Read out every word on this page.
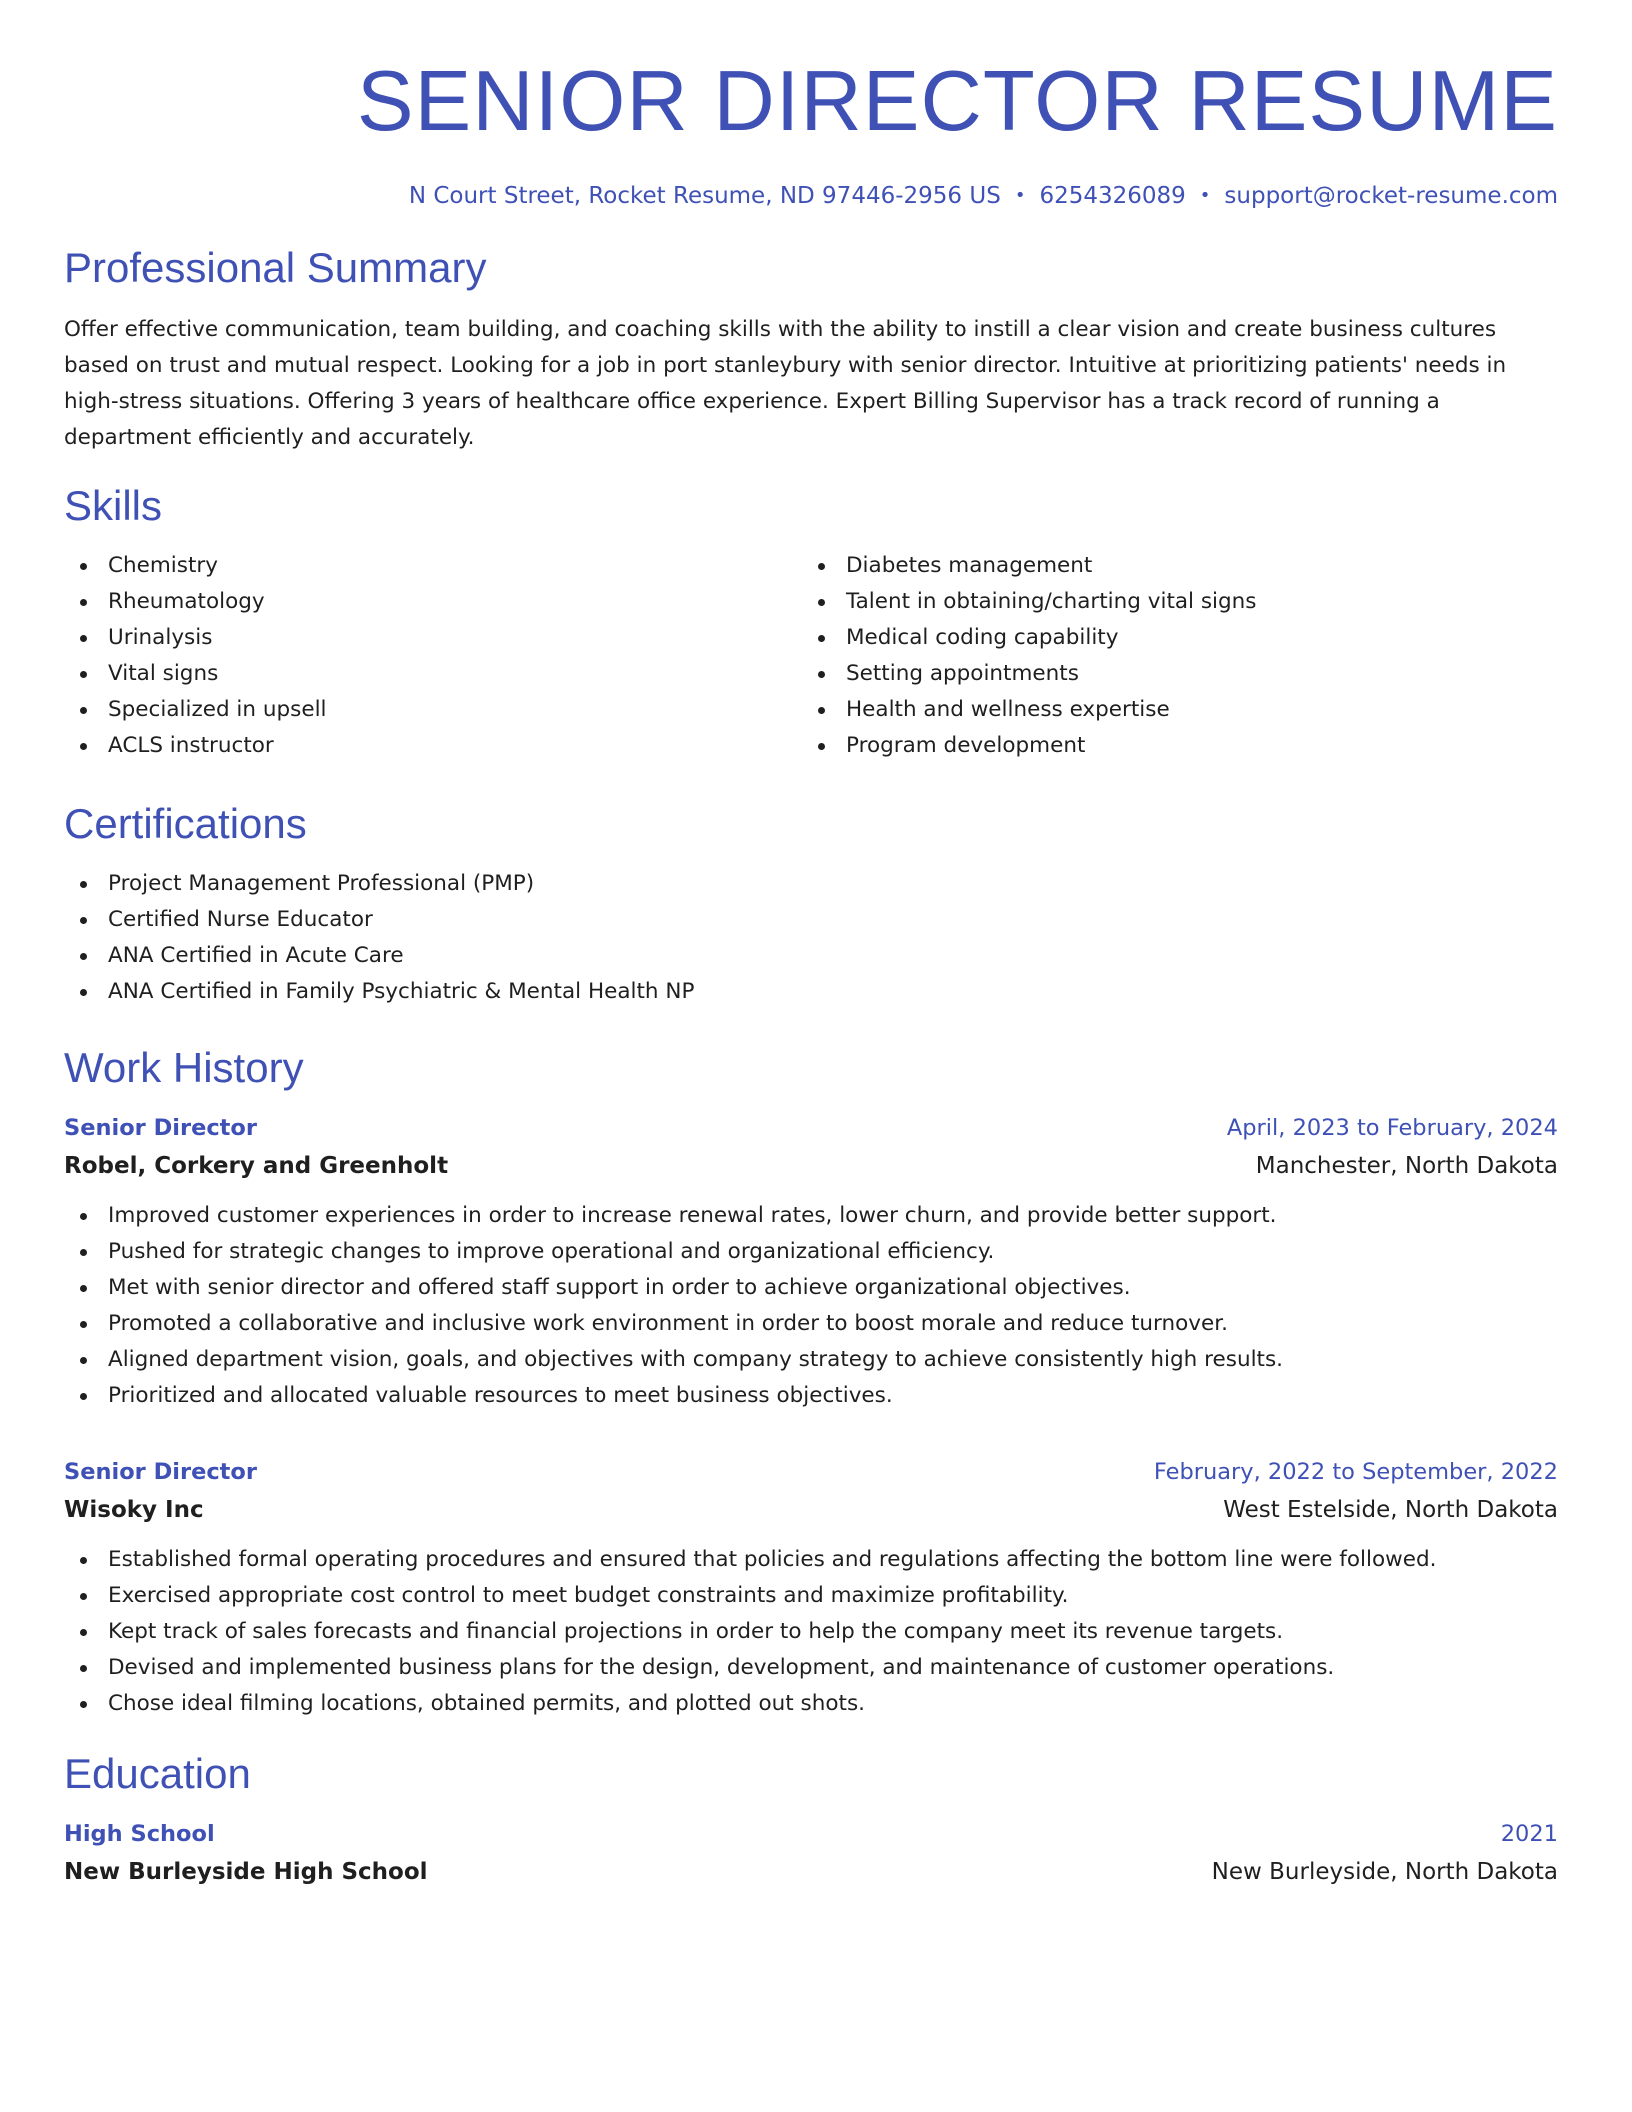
SENIOR DIRECTOR RESUME
N Court Street, Rocket Resume, ND 97446-2956 US • 6254326089 • support@rocket-resume.com
Professional Summary

Offer effective communication, team building, and coaching skills with the ability to instill a clear vision and create business cultures based on trust and mutual respect. Looking for a job in port stanleybury with senior director. Intuitive at prioritizing patients' needs in high-stress situations. Offering 3 years of healthcare office experience. Expert Billing Supervisor has a track record of running a department efficiently and accurately.

Skills
Chemistry
Rheumatology
Urinalysis
Vital signs
Specialized in upsell
ACLS instructor
Diabetes management
Talent in obtaining/charting vital signs
Medical coding capability
Setting appointments
Health and wellness expertise
Program development
Certifications
Project Management Professional (PMP)
Certified Nurse Educator
ANA Certified in Acute Care
ANA Certified in Family Psychiatric & Mental Health NP
Work History
Senior Director	April, 2023 to February, 2024
Robel, Corkery and Greenholt	Manchester, North Dakota
Improved customer experiences in order to increase renewal rates, lower churn, and provide better support.
Pushed for strategic changes to improve operational and organizational efficiency.
Met with senior director and offered staff support in order to achieve organizational objectives.
Promoted a collaborative and inclusive work environment in order to boost morale and reduce turnover.
Aligned department vision, goals, and objectives with company strategy to achieve consistently high results.
Prioritized and allocated valuable resources to meet business objectives.
Senior Director	February, 2022 to September, 2022
Wisoky Inc	West Estelside, North Dakota
Established formal operating procedures and ensured that policies and regulations affecting the bottom line were followed.
Exercised appropriate cost control to meet budget constraints and maximize profitability.
Kept track of sales forecasts and financial projections in order to help the company meet its revenue targets.
Devised and implemented business plans for the design, development, and maintenance of customer operations.
Chose ideal filming locations, obtained permits, and plotted out shots.
Education
High School	2021
New Burleyside High School	New Burleyside, North Dakota
